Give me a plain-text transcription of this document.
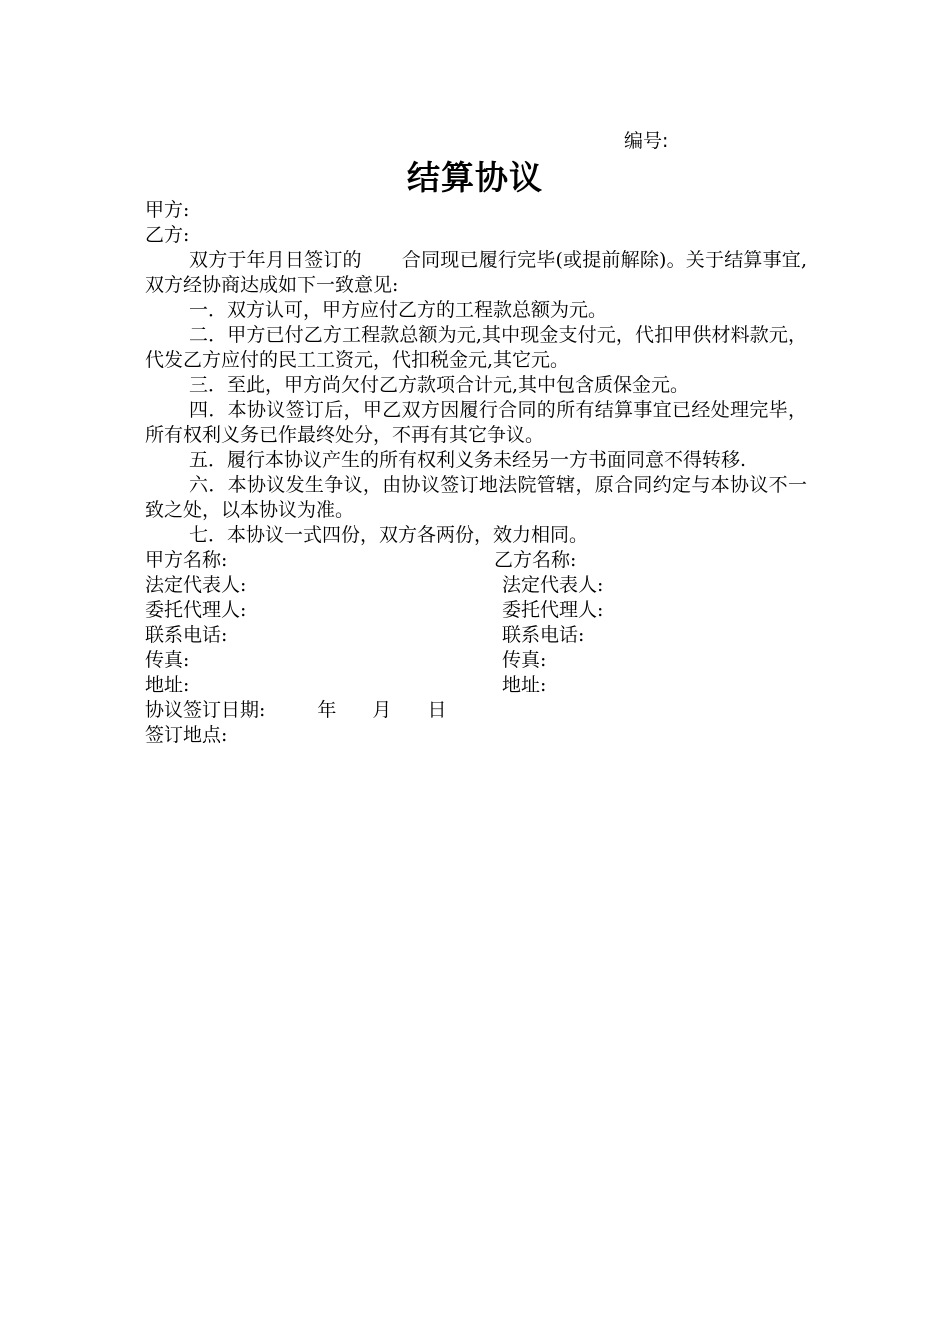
编号:
结算协议

甲方:

乙方:

双方于年月日签订的 合同现已履行完毕(或提前解除)。关于结算事宜,双方经协商达成如下一致意见:

一．双方认可，甲方应付乙方的工程款总额为元。

二．甲方已付乙方工程款总额为元,其中现金支付元，代扣甲供材料款元，代发乙方应付的民工工资元，代扣税金元,其它元。

三．至此，甲方尚欠付乙方款项合计元,其中包含质保金元。

四．本协议签订后，甲乙双方因履行合同的所有结算事宜已经处理完毕，所有权利义务已作最终处分，不再有其它争议。

五．履行本协议产生的所有权利义务未经另一方书面同意不得转移.

六．本协议发生争议，由协议签订地法院管辖，原合同约定与本协议不一致之处，以本协议为准。

七．本协议一式四份，双方各两份，效力相同。

甲方名称:	乙方名称:
法定代表人:	法定代表人:
委托代理人:	委托代理人:
联系电话:	联系电话:
传真:	传真:
地址:	地址:

协议签订日期:	年 月 日

签订地点:
